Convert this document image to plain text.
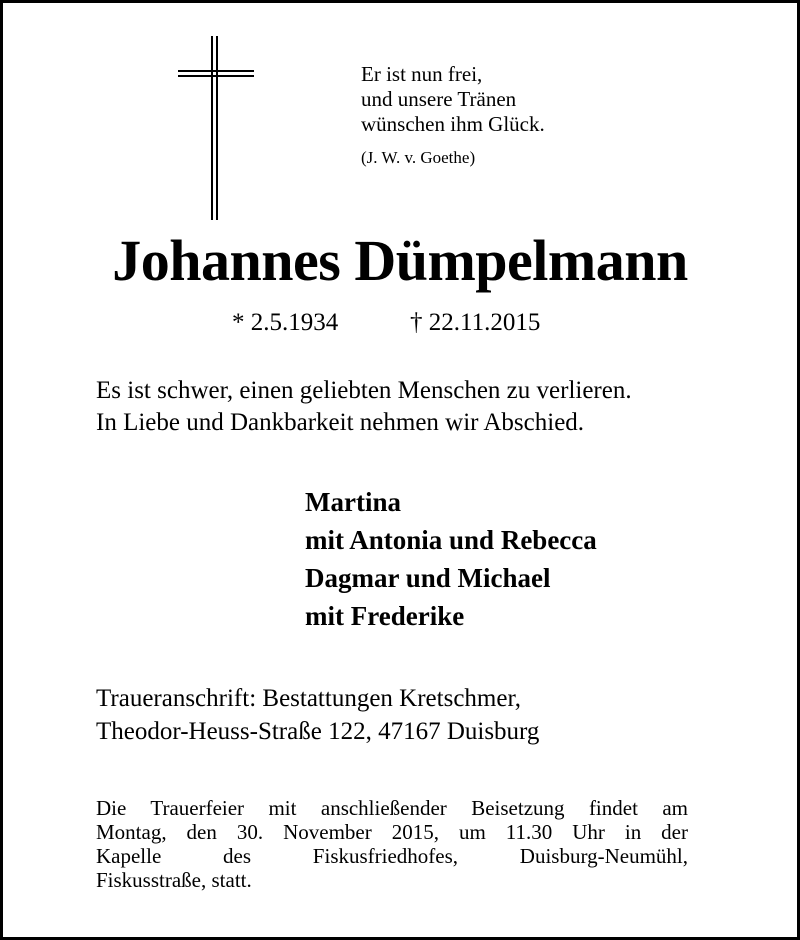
Er ist nun frei,
und unsere Tränen
wünschen ihm Glück.
(J. W. v. Goethe)
Johannes Dümpelmann
* 2.5.1934	† 22.11.2015
Es ist schwer, einen geliebten Menschen zu verlieren.
In Liebe und Dankbarkeit nehmen wir Abschied.
Martina
mit Antonia und Rebecca
Dagmar und Michael
mit Frederike
Traueranschrift: Bestattungen Kretschmer,
Theodor-Heuss-Straße 122, 47167 Duisburg
Die Trauerfeier mit anschließender Beisetzung findet am
Montag, den 30. November 2015, um 11.30 Uhr in der
Kapelle des Fiskusfriedhofes, Duisburg-Neumühl,
Fiskusstraße, statt.
